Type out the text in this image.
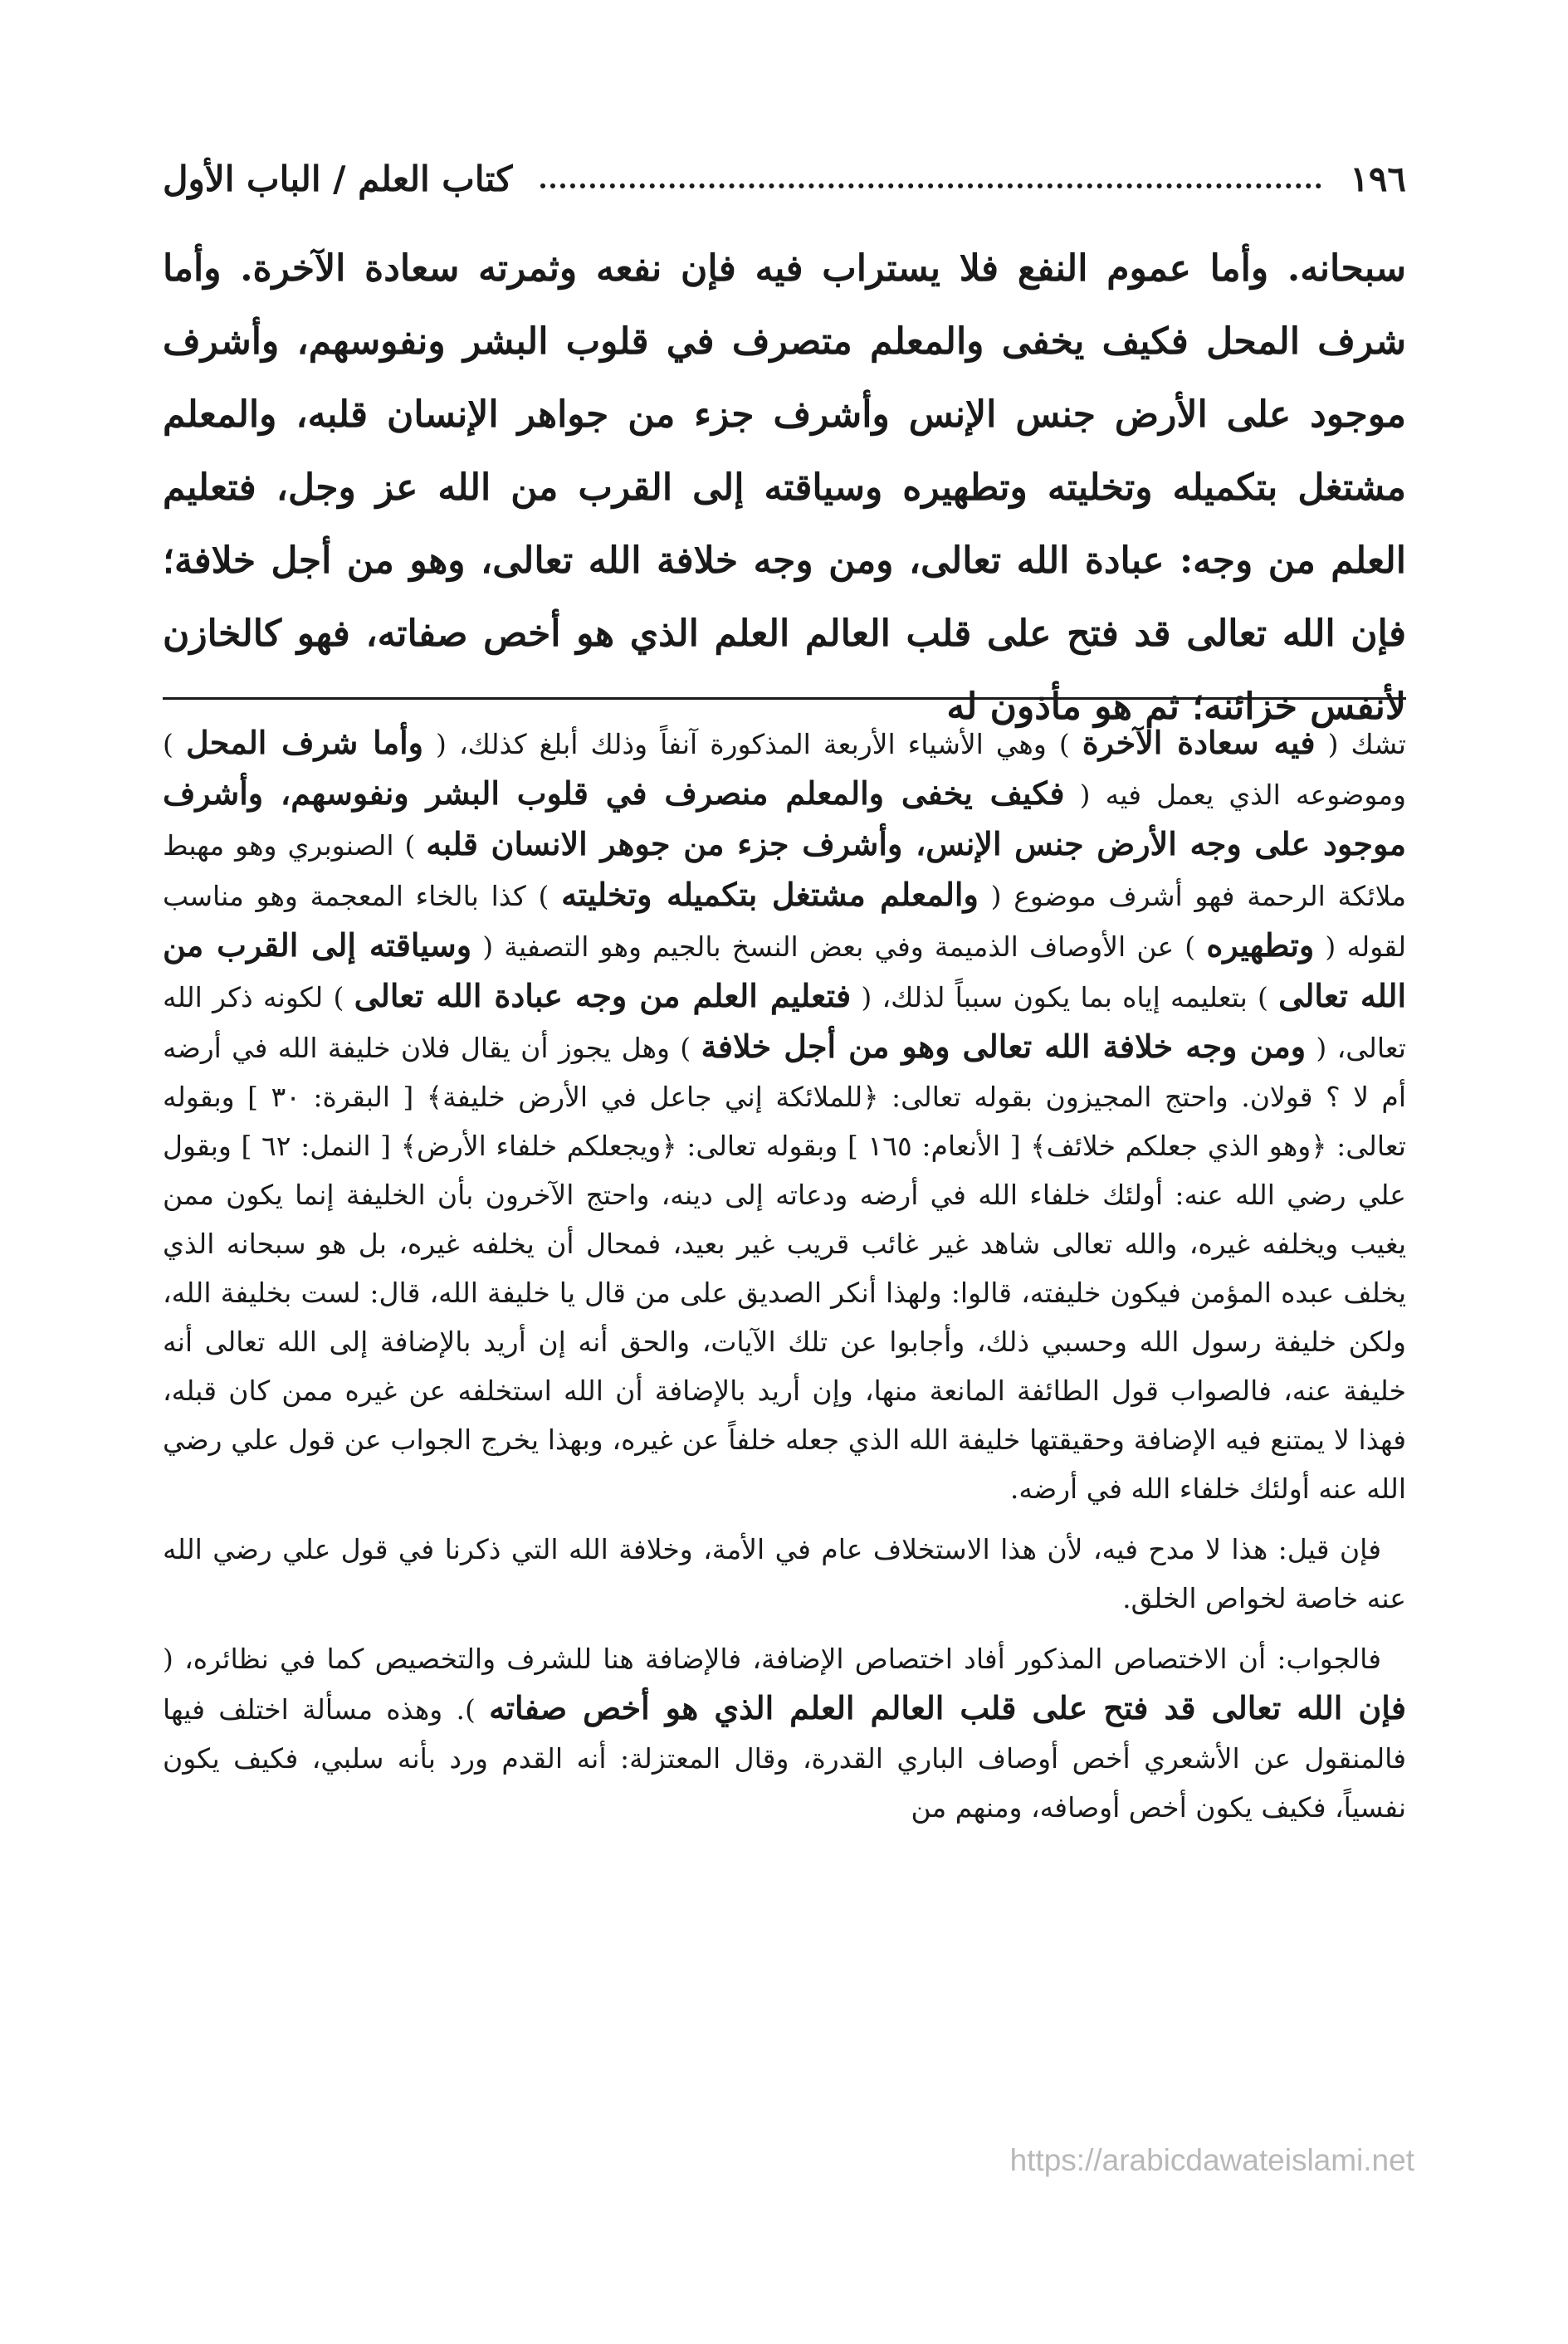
١٩٦
كتاب العلم / الباب الأول

سبحانه. وأما عموم النفع فلا يستراب فيه فإن نفعه وثمرته سعادة الآخرة. وأما شرف المحل فكيف يخفى والمعلم متصرف في قلوب البشر ونفوسهم، وأشرف موجود على الأرض جنس الإنس وأشرف جزء من جواهر الإنسان قلبه، والمعلم مشتغل بتكميله وتخليته وتطهيره وسياقته إلى القرب من الله عز وجل، فتعليم العلم من وجه: عبادة الله تعالى، ومن وجه خلافة الله تعالى، وهو من أجل خلافة؛ فإن الله تعالى قد فتح على قلب العالم العلم الذي هو أخص صفاته، فهو كالخازن لأنفس خزائنه؛ ثم هو مأذون له

تشك ( فيه سعادة الآخرة ) وهي الأشياء الأربعة المذكورة آنفاً وذلك أبلغ كذلك، ( وأما شرف المحل ) وموضوعه الذي يعمل فيه ( فكيف يخفى والمعلم منصرف في قلوب البشر ونفوسهم، وأشرف موجود على وجه الأرض جنس الإنس، وأشرف جزء من جوهر الانسان قلبه ) الصنوبري وهو مهبط ملائكة الرحمة فهو أشرف موضوع ( والمعلم مشتغل بتكميله وتخليته ) كذا بالخاء المعجمة وهو مناسب لقوله ( وتطهيره ) عن الأوصاف الذميمة وفي بعض النسخ بالجيم وهو التصفية ( وسياقته إلى القرب من الله تعالى ) بتعليمه إياه بما يكون سبباً لذلك، ( فتعليم العلم من وجه عبادة الله تعالى ) لكونه ذكر الله تعالى، ( ومن وجه خلافة الله تعالى وهو من أجل خلافة ) وهل يجوز أن يقال فلان خليفة الله في أرضه أم لا ؟ قولان. واحتج المجيزون بقوله تعالى: ﴿للملائكة إني جاعل في الأرض خليفة﴾ [ البقرة: ٣٠ ] وبقوله تعالى: ﴿وهو الذي جعلكم خلائف﴾ [ الأنعام: ١٦٥ ] وبقوله تعالى: ﴿ويجعلكم خلفاء الأرض﴾ [ النمل: ٦٢ ] وبقول علي رضي الله عنه: أولئك خلفاء الله في أرضه ودعاته إلى دينه، واحتج الآخرون بأن الخليفة إنما يكون ممن يغيب ويخلفه غيره، والله تعالى شاهد غير غائب قريب غير بعيد، فمحال أن يخلفه غيره، بل هو سبحانه الذي يخلف عبده المؤمن فيكون خليفته، قالوا: ولهذا أنكر الصديق على من قال يا خليفة الله، قال: لست بخليفة الله، ولكن خليفة رسول الله وحسبي ذلك، وأجابوا عن تلك الآيات، والحق أنه إن أريد بالإضافة إلى الله تعالى أنه خليفة عنه، فالصواب قول الطائفة المانعة منها، وإن أريد بالإضافة أن الله استخلفه عن غيره ممن كان قبله، فهذا لا يمتنع فيه الإضافة وحقيقتها خليفة الله الذي جعله خلفاً عن غيره، وبهذا يخرج الجواب عن قول علي رضي الله عنه أولئك خلفاء الله في أرضه.

فإن قيل: هذا لا مدح فيه، لأن هذا الاستخلاف عام في الأمة، وخلافة الله التي ذكرنا في قول علي رضي الله عنه خاصة لخواص الخلق.

فالجواب: أن الاختصاص المذكور أفاد اختصاص الإضافة، فالإضافة هنا للشرف والتخصيص كما في نظائره، ( فإن الله تعالى قد فتح على قلب العالم العلم الذي هو أخص صفاته ). وهذه مسألة اختلف فيها فالمنقول عن الأشعري أخص أوصاف الباري القدرة، وقال المعتزلة: أنه القدم ورد بأنه سلبي، فكيف يكون نفسياً، فكيف يكون أخص أوصافه، ومنهم من

https://arabicdawateislami.net
